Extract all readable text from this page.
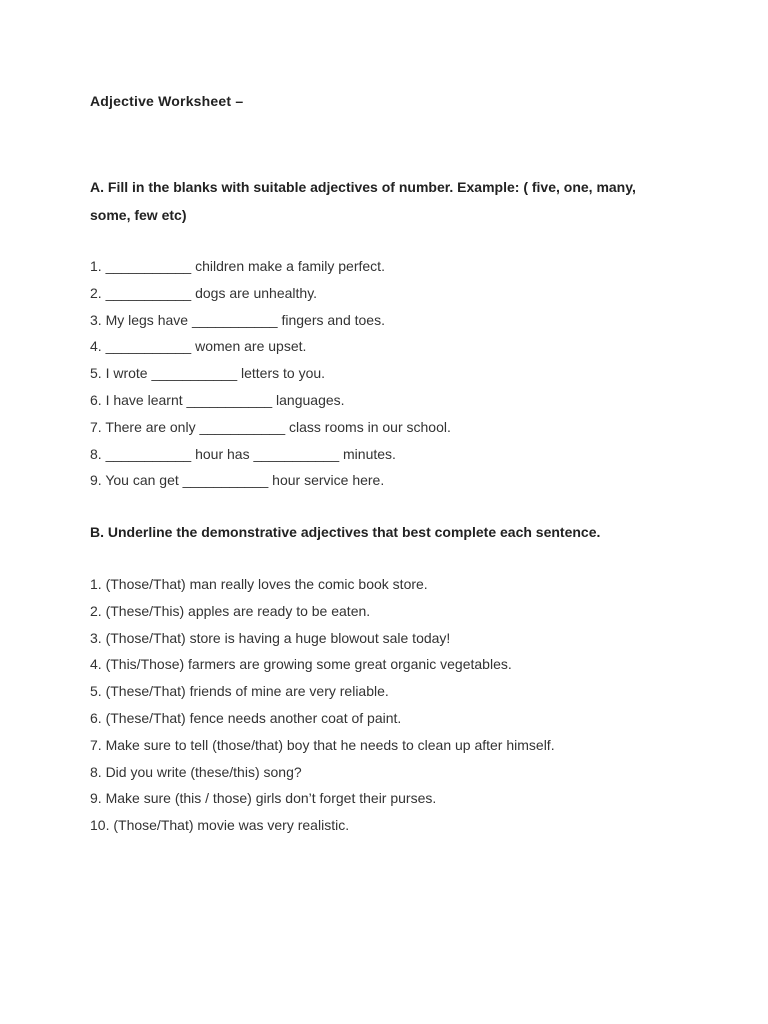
Adjective Worksheet –
A. Fill in the blanks with suitable adjectives of number. Example: ( five, one, many, some, few etc)
1. ___________ children make a family perfect.
2. ___________ dogs are unhealthy.
3. My legs have ___________ fingers and toes.
4. ___________ women are upset.
5. I wrote ___________ letters to you.
6. I have learnt ___________ languages.
7. There are only ___________ class rooms in our school.
8. ___________ hour has ___________ minutes.
9. You can get ___________ hour service here.
B. Underline the demonstrative adjectives that best complete each sentence.
1. (Those/That) man really loves the comic book store.
2. (These/This) apples are ready to be eaten.
3. (Those/That) store is having a huge blowout sale today!
4. (This/Those) farmers are growing some great organic vegetables.
5. (These/That) friends of mine are very reliable.
6. (These/That) fence needs another coat of paint.
7. Make sure to tell (those/that) boy that he needs to clean up after himself.
8. Did you write (these/this) song?
9. Make sure (this / those) girls don’t forget their purses.
10. (Those/That) movie was very realistic.
